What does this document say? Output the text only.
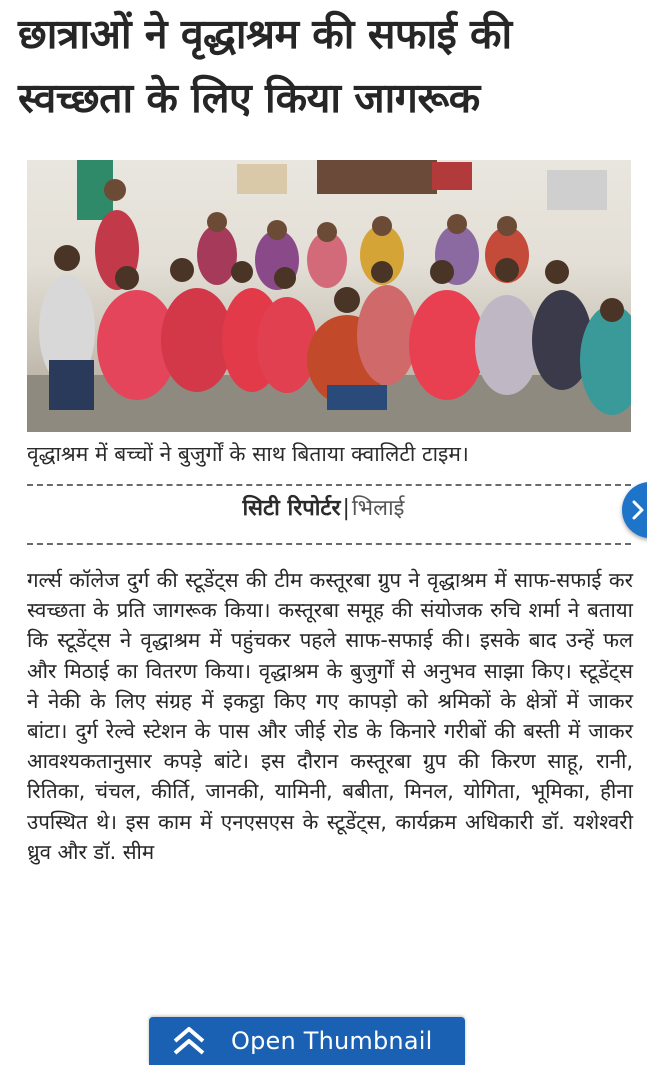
छात्राओं ने वृद्धाश्रम की सफाई की
स्वच्छता के लिए किया जागरूक
वृद्धाश्रम में बच्चों ने बुजुर्गों के साथ बिताया क्वालिटी टाइम।
सिटी रिपोर्टर|भिलाई
गर्ल्स कॉलेज दुर्ग की स्टूडेंट्स की टीम कस्तूरबा ग्रुप ने वृद्धाश्रम में साफ-सफाई कर स्वच्छता के प्रति जागरूक किया। कस्तूरबा समूह की संयोजक रुचि शर्मा ने बताया कि स्टूडेंट्स ने वृद्धाश्रम में पहुंचकर पहले साफ-सफाई की। इसके बाद उन्हें फल और मिठाई का वितरण किया। वृद्धाश्रम के बुजुर्गों से अनुभव साझा किए। स्टूडेंट्स ने नेकी के लिए संग्रह में इकट्ठा किए गए कापड़ो को श्रमिकों के क्षेत्रों में जाकर बांटा। दुर्ग रेल्वे स्टेशन के पास और जीई रोड के किनारे गरीबों की बस्ती में जाकर आवश्यकतानुसार कपड़े बांटे। इस दौरान कस्तूरबा ग्रुप की किरण साहू, रानी, रितिका, चंचल, कीर्ति, जानकी, यामिनी, बबीता, मिनल, योगिता, भूमिका, हीना उपस्थित थे। इस काम में एनएसएस के स्टूडेंट्स, कार्यक्रम अधिकारी डॉ. यशेश्वरी ध्रुव और डॉ. सीम
Open Thumbnail
